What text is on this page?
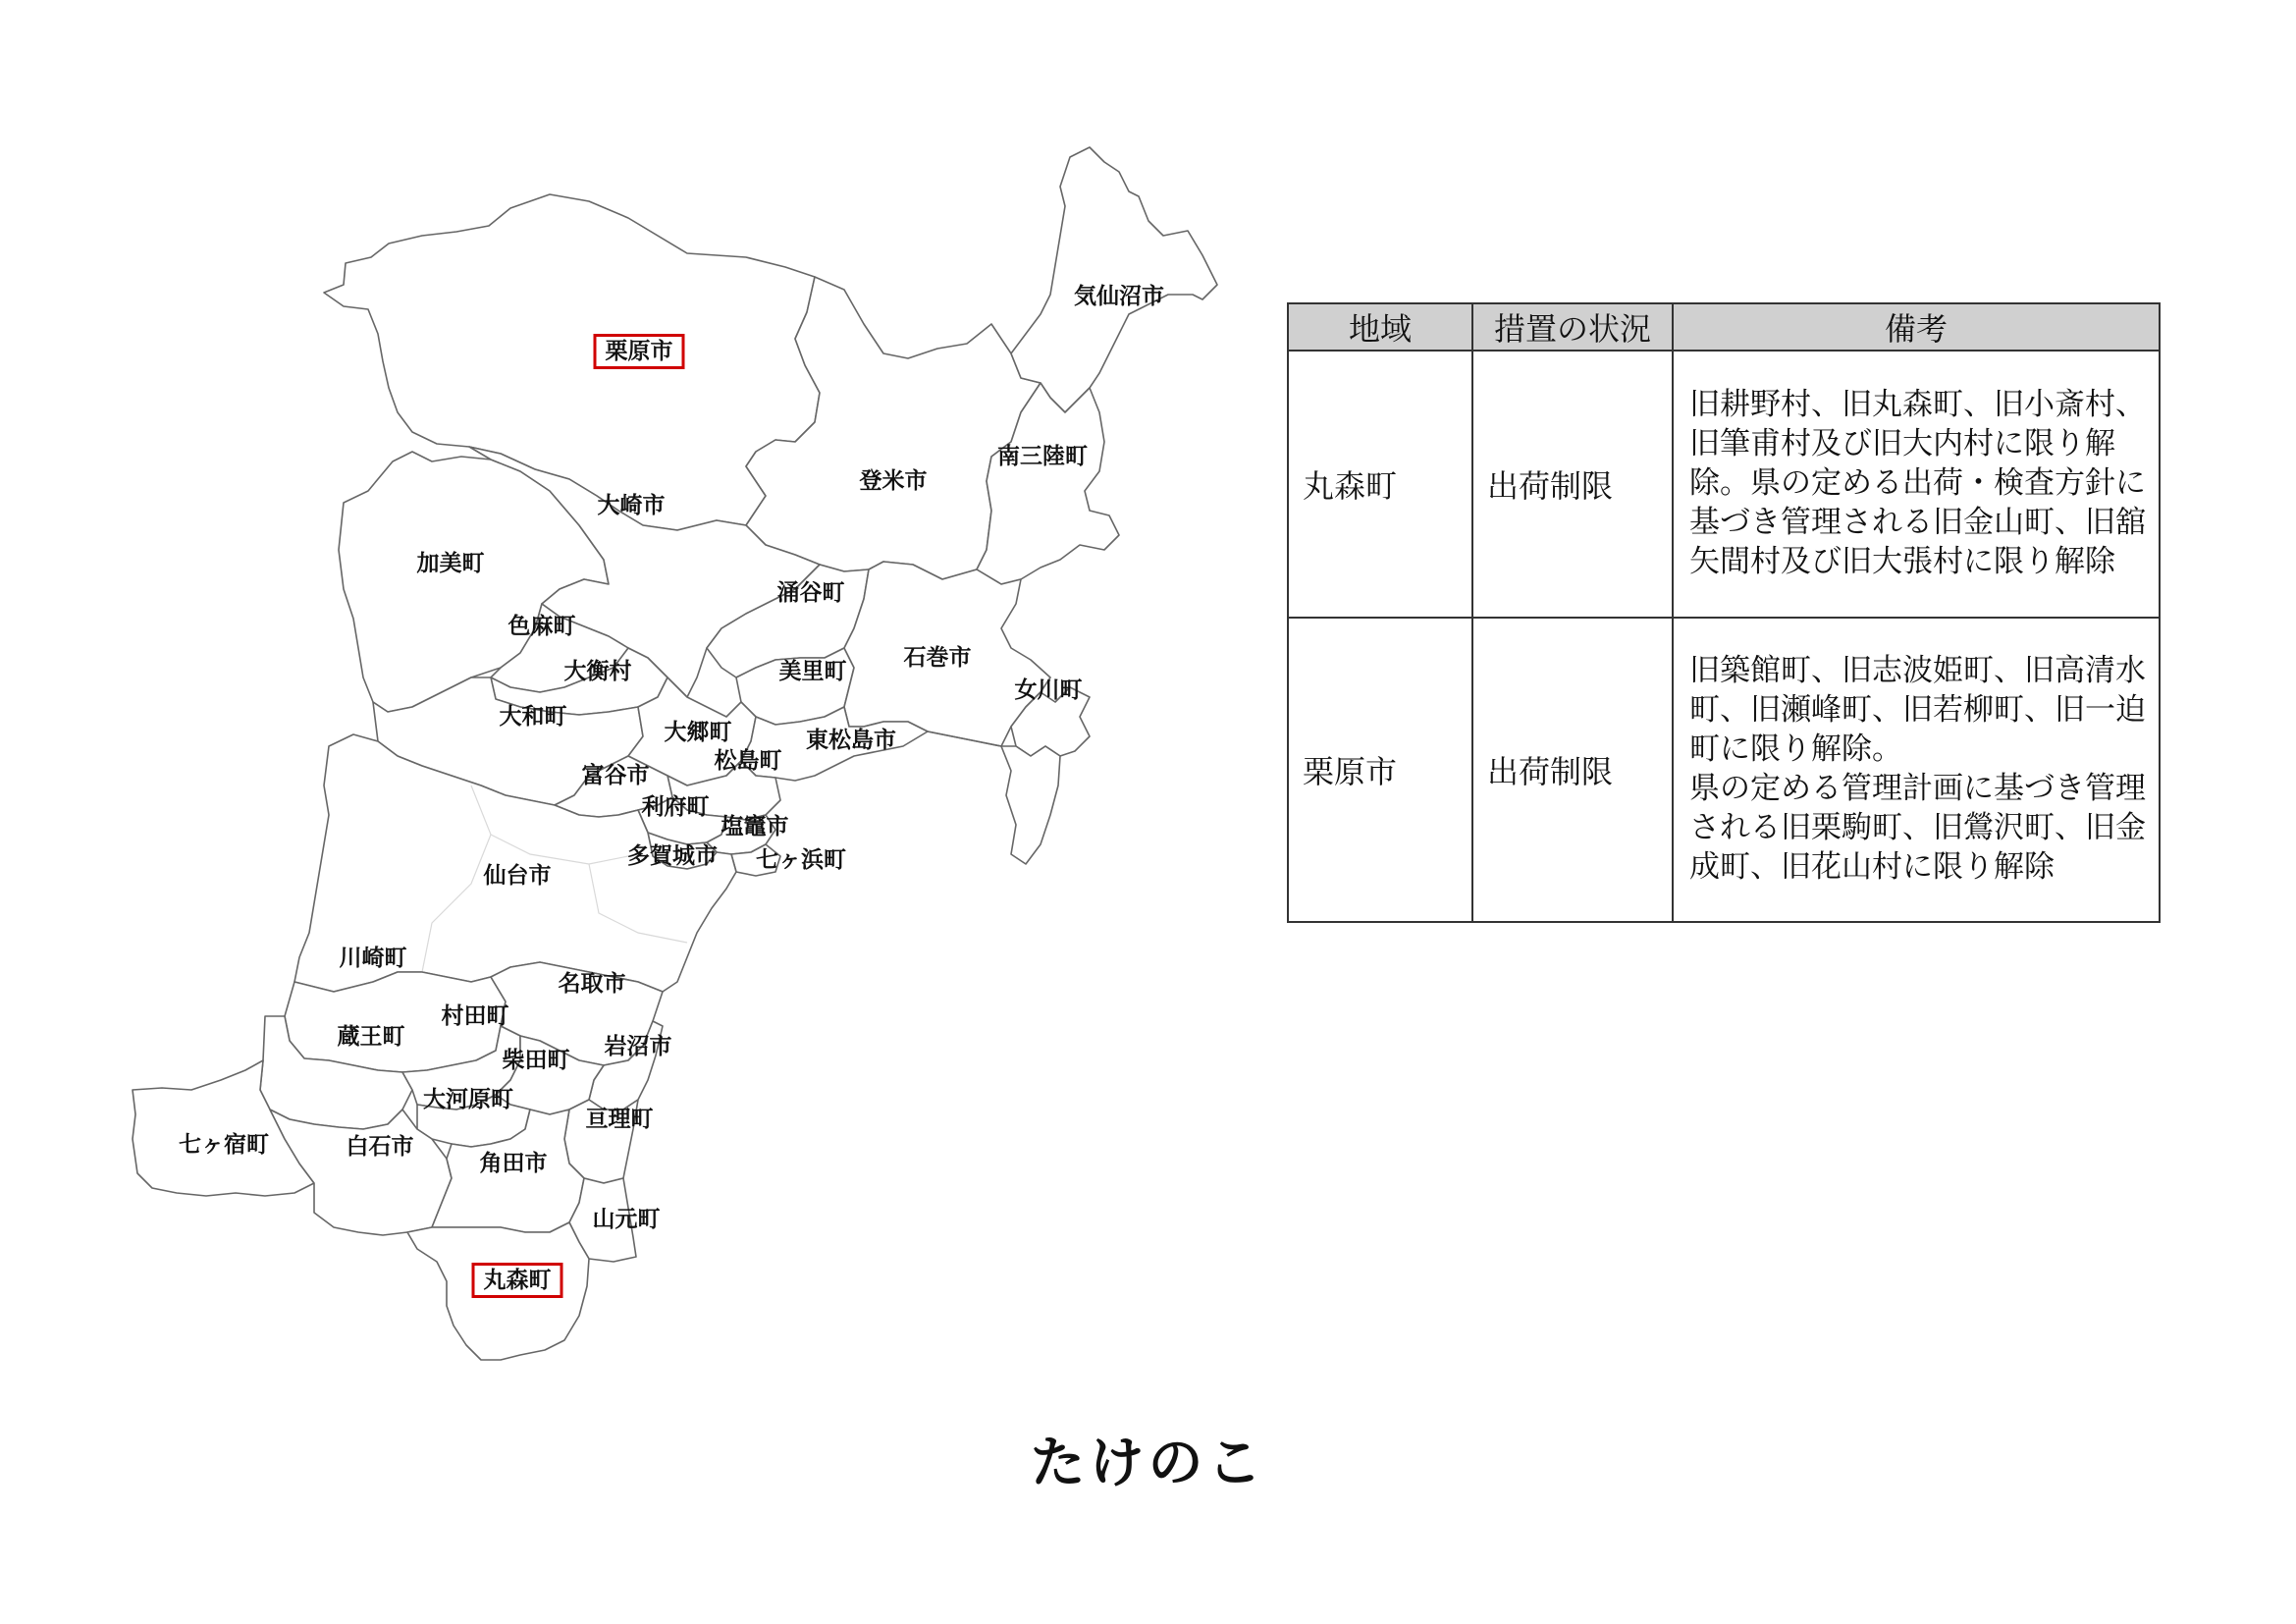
気仙沼市
栗原市
登米市
南三陸町
大崎市
加美町
涌谷町
色麻町
石巻市
大衡村	美里町
女川町
大和町
大郷町	東松島市
松島町
富谷市
利府町
塩竈市
多賀城市 七ヶ浜町
仙台市
川崎町
名取市
村田町
蔵王町
柴田町
岩沼市
大河原町
亘理町
七ヶ宿町	白石市
角田市
山元町
丸森町
地域	措置の状況	備考
丸森町	出荷制限	旧耕野村、旧丸森町、旧小斎村、旧筆甫村及び旧大内村に限り解除。県の定める出荷・検査方針に基づき管理される旧金山町、旧舘矢間村及び旧大張村に限り解除
栗原市	出荷制限	旧築館町、旧志波姫町、旧高清水町、旧瀬峰町、旧若柳町、旧一迫町に限り解除。
県の定める管理計画に基づき管理される旧栗駒町、旧鶯沢町、旧金成町、旧花山村に限り解除
たけのこ
